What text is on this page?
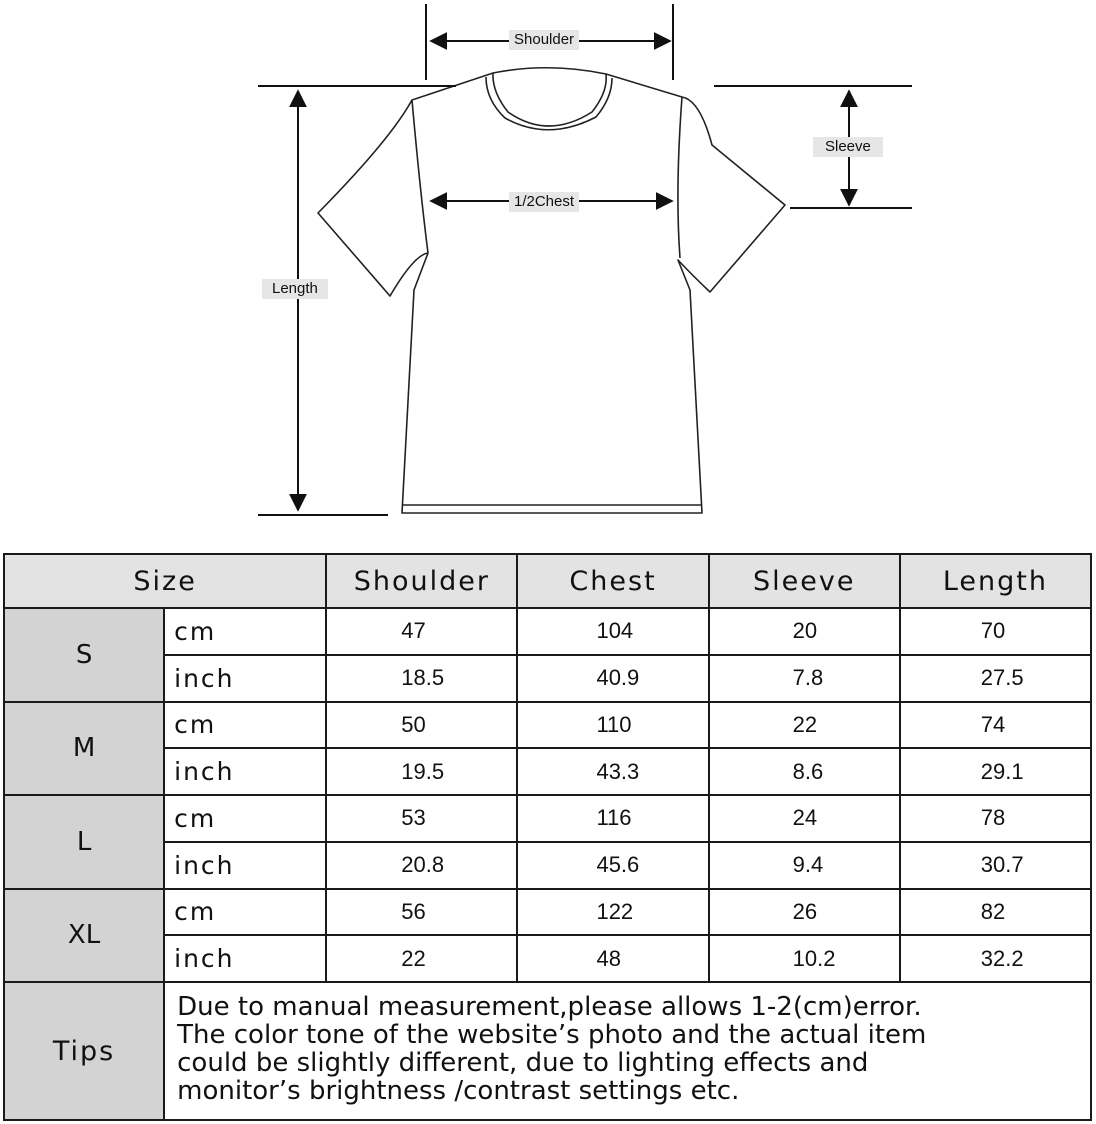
Shoulder
1/2Chest
Sleeve
Length
Size		Shoulder	Chest	Sleeve	Length
S	cm	47	104	20	70
	inch	18.5	40.9	7.8	27.5
M	cm	50	110	22	74
	inch	19.5	43.3	8.6	29.1
L	cm	53	116	24	78
	inch	20.8	45.6	9.4	30.7
XL	cm	56	122	26	82
	inch	22	48	10.2	32.2
Tips	Due to manual measurement,please allows 1-2(cm)error.
The color tone of the website’s photo and the actual item
could be slightly different, due to lighting effects and
monitor’s brightness /contrast settings etc.				
